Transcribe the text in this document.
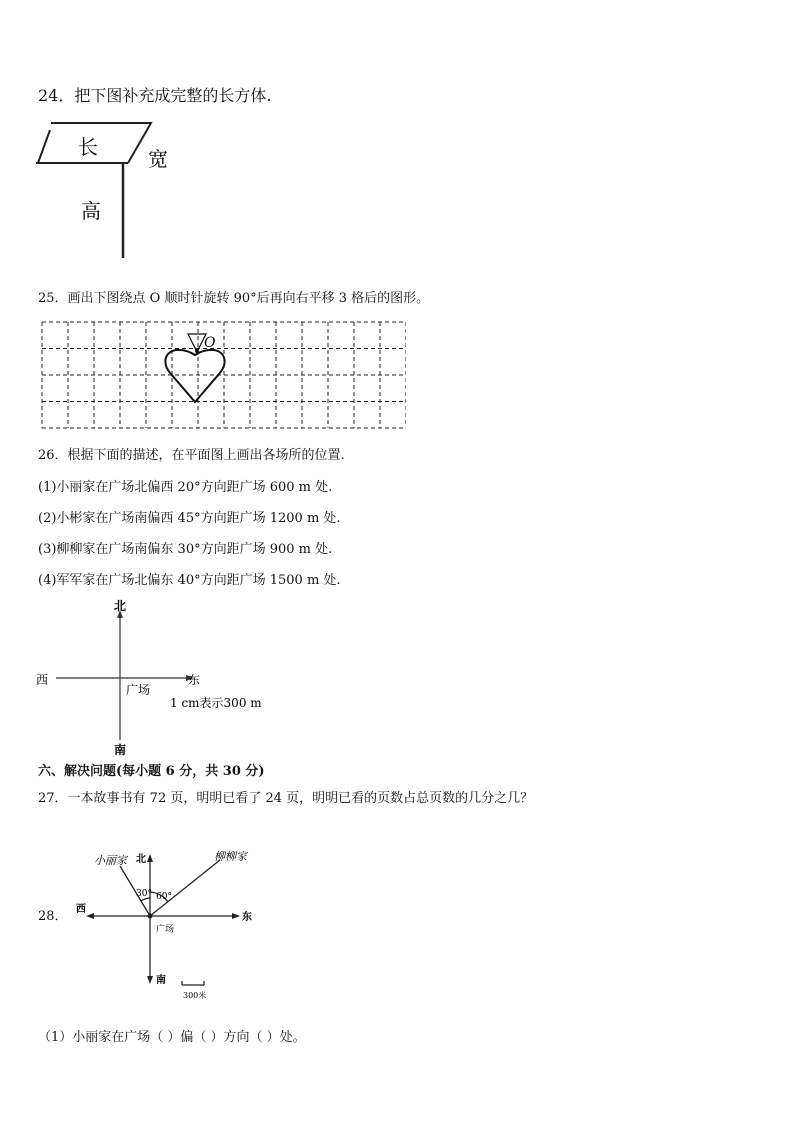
24．把下图补充成完整的长方体.
长	宽
高
25．画出下图绕点 O 顺时针旋转 90°后再向右平移 3 格后的图形。
O
26．根据下面的描述，在平面图上画出各场所的位置.
(1)小丽家在广场北偏西 20°方向距广场 600 m 处.
(2)小彬家在广场南偏西 45°方向距广场 1200 m 处.
(3)柳柳家在广场南偏东 30°方向距广场 900 m 处.
(4)军军家在广场北偏东 40°方向距广场 1500 m 处.
北
南
西	东
广场
1 cm表示300 m
六、解决问题(每小题 6 分，共 30 分)
27．一本故事书有 72 页，明明已看了 24 页，明明已看的页数占总页数的几分之几？
28．
北
南
西
东
广场
小丽家	柳柳家
30° 60°
300米
（1）小丽家在广场（ ）偏（ ）方向（ ）处。
